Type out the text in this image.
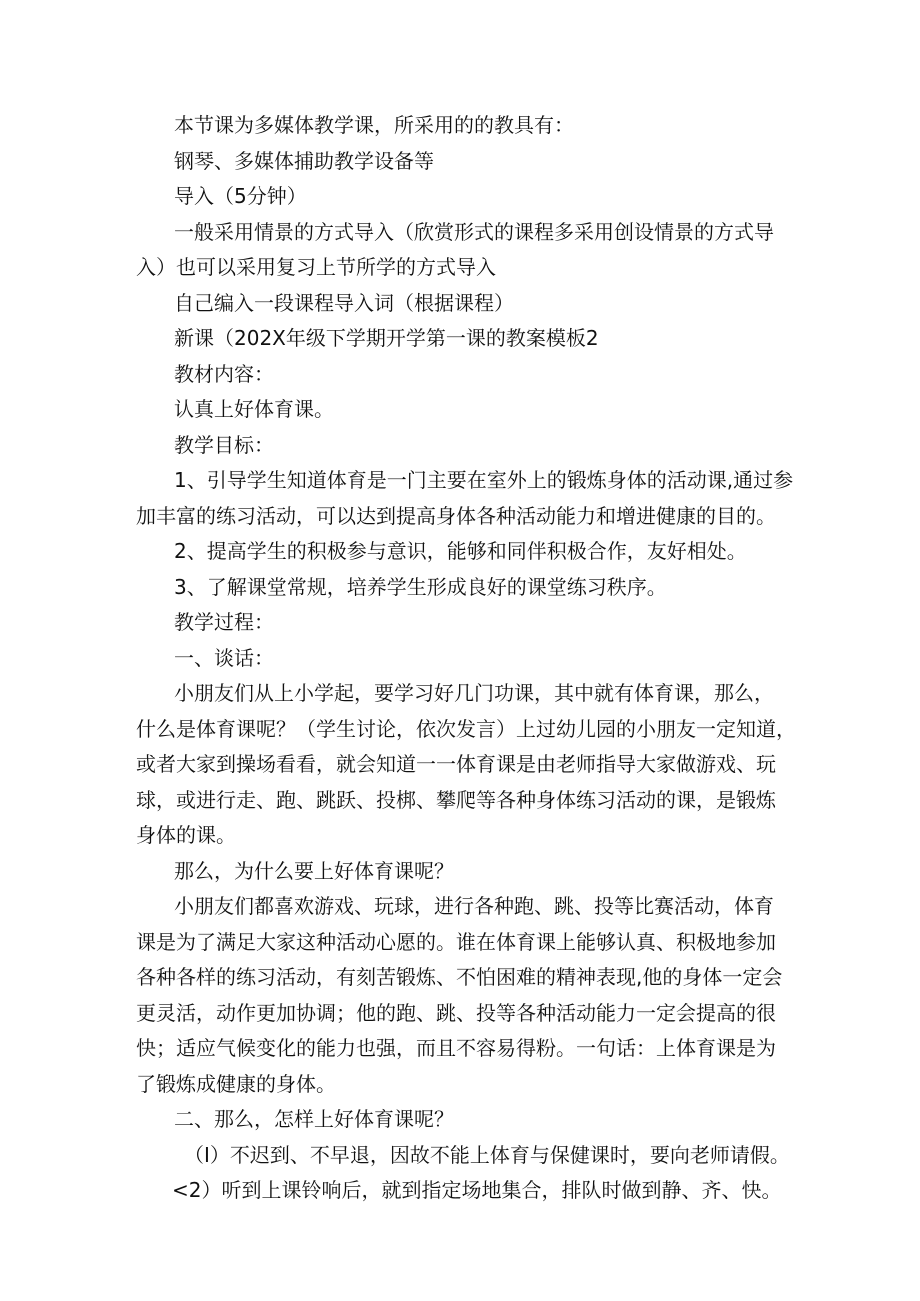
本节课为多媒体教学课，所采用的的教具有：

钢琴、多媒体捕助教学设备等

导入（5分钟）

一般采用情景的方式导入（欣赏形式的课程多采用创设情景的方式导
入）也可以采用复习上节所学的方式导入

自己编入一段课程导入词（根据课程）

新课（202X年级下学期开学第一课的教案模板2

教材内容：

认真上好体育课。

教学目标：

1、引导学生知道体育是一门主要在室外上的锻炼身体的活动课,通过参
加丰富的练习活动，可以达到提高身体各种活动能力和增进健康的目的。

2、提高学生的积极参与意识，能够和同伴积极合作，友好相处。

3、了解课堂常规，培养学生形成良好的课堂练习秩序。

教学过程：

一、谈话：

小朋友们从上小学起，要学习好几门功课，其中就有体育课，那么，
什么是体育课呢？（学生讨论，依次发言）上过幼儿园的小朋友一定知道，
或者大家到操场看看，就会知道一一体育课是由老师指导大家做游戏、玩
球，或进行走、跑、跳跃、投梆、攀爬等各种身体练习活动的课，是锻炼
身体的课。

那么，为什么要上好体育课呢？

小朋友们都喜欢游戏、玩球，进行各种跑、跳、投等比赛活动，体育
课是为了满足大家这种活动心愿的。谁在体育课上能够认真、积极地参加
各种各样的练习活动，有刻苦锻炼、不怕困难的精神表现,他的身体一定会
更灵活，动作更加协调；他的跑、跳、投等各种活动能力一定会提高的很
快；适应气候变化的能力也强，而且不容易得粉。一句话：上体育课是为
了锻炼成健康的身体。

二、那么，怎样上好体育课呢？

（I）不迟到、不早退，因故不能上体育与保健课时，要向老师请假。

<2）听到上课铃响后，就到指定场地集合，排队时做到静、齐、快。
